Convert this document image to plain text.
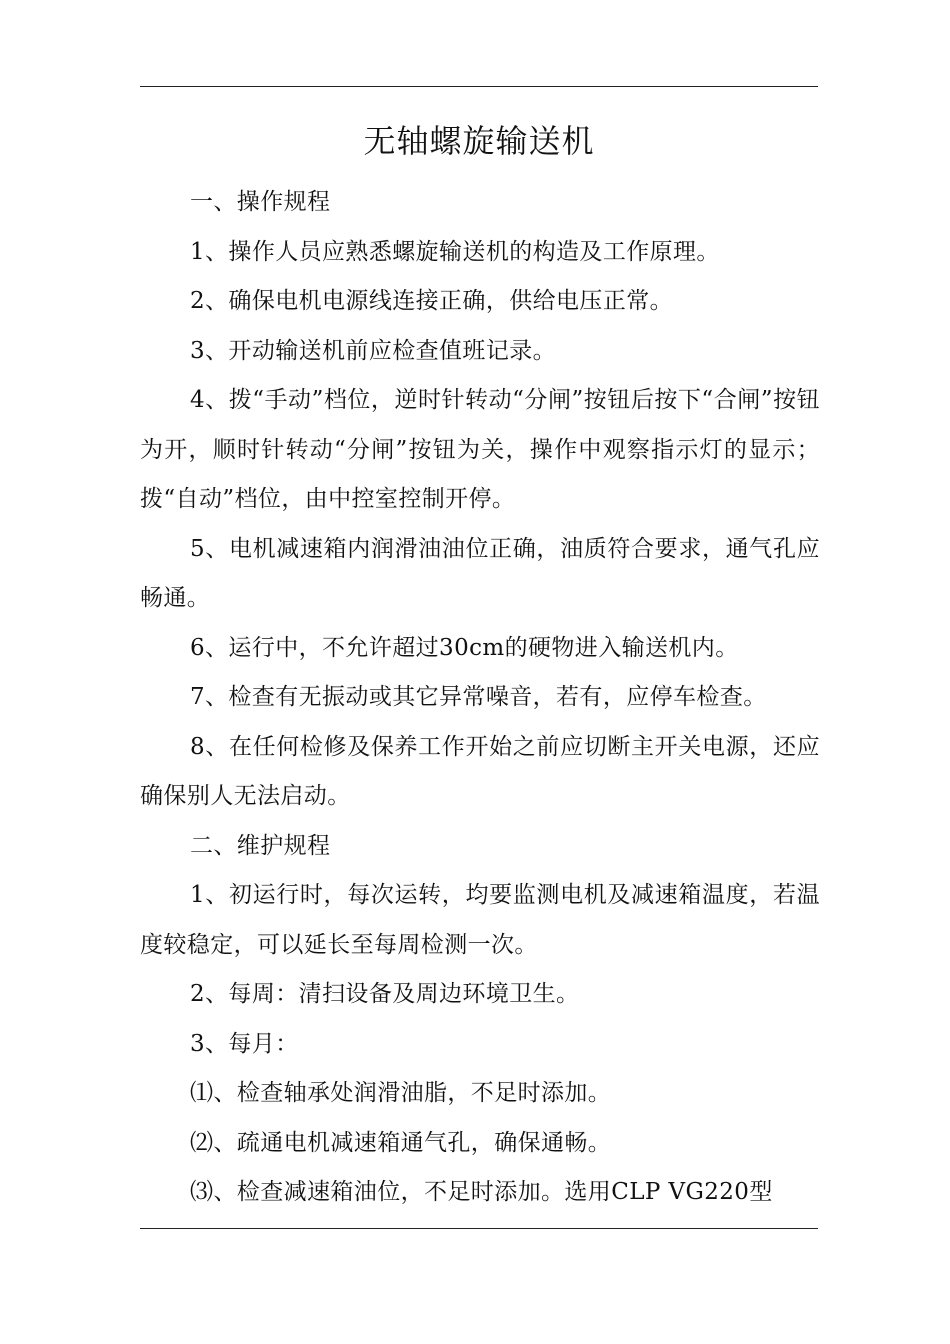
无轴螺旋输送机

一、操作规程

1、操作人员应熟悉螺旋输送机的构造及工作原理。

2、确保电机电源线连接正确，供给电压正常。

3、开动输送机前应检查值班记录。

4、拨“手动”档位，逆时针转动“分闸”按钮后按下“合闸”按钮为开，顺时针转动“分闸”按钮为关，操作中观察指示灯的显示；拨“自动”档位，由中控室控制开停。

5、电机减速箱内润滑油油位正确，油质符合要求，通气孔应畅通。

6、运行中，不允许超过30cm的硬物进入输送机内。

7、检查有无振动或其它异常噪音，若有，应停车检查。

8、在任何检修及保养工作开始之前应切断主开关电源，还应确保别人无法启动。

二、维护规程

1、初运行时，每次运转，均要监测电机及减速箱温度，若温度较稳定，可以延长至每周检测一次。

2、每周：清扫设备及周边环境卫生。

3、每月：

⑴、检查轴承处润滑油脂，不足时添加。

⑵、疏通电机减速箱通气孔，确保通畅。

⑶、检查减速箱油位，不足时添加。选用CLP VG220型
